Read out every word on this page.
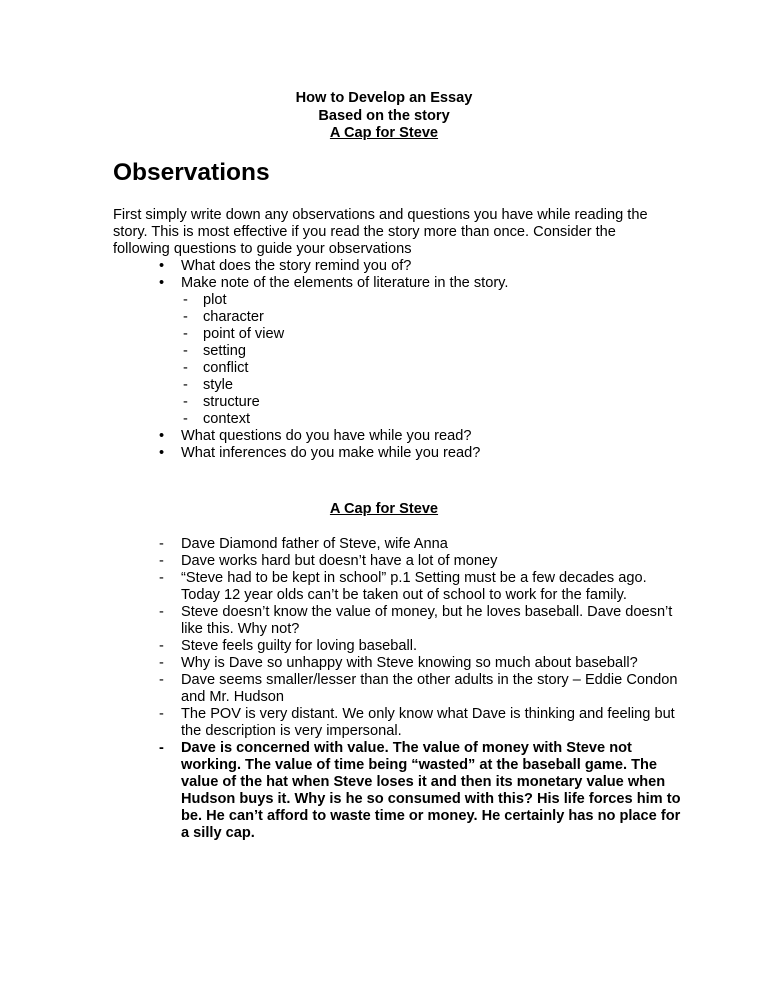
How to Develop an Essay
Based on the story
A Cap for Steve
Observations
First simply write down any observations and questions you have while reading the story. This is most effective if you read the story more than once. Consider the following questions to guide your observations
• What does the story remind you of?
• Make note of the elements of literature in the story.
- plot
- character
- point of view
- setting
- conflict
- style
- structure
- context
• What questions do you have while you read?
• What inferences do you make while you read?
A Cap for Steve
- Dave Diamond father of Steve, wife Anna
- Dave works hard but doesn’t have a lot of money
- “Steve had to be kept in school” p.1 Setting must be a few decades ago. Today 12 year olds can’t be taken out of school to work for the family.
- Steve doesn’t know the value of money, but he loves baseball. Dave doesn’t like this. Why not?
- Steve feels guilty for loving baseball.
- Why is Dave so unhappy with Steve knowing so much about baseball?
- Dave seems smaller/lesser than the other adults in the story – Eddie Condon and Mr. Hudson
- The POV is very distant. We only know what Dave is thinking and feeling but the description is very impersonal.
- Dave is concerned with value. The value of money with Steve not working. The value of time being “wasted” at the baseball game. The value of the hat when Steve loses it and then its monetary value when Hudson buys it. Why is he so consumed with this? His life forces him to be. He can’t afford to waste time or money. He certainly has no place for a silly cap.
